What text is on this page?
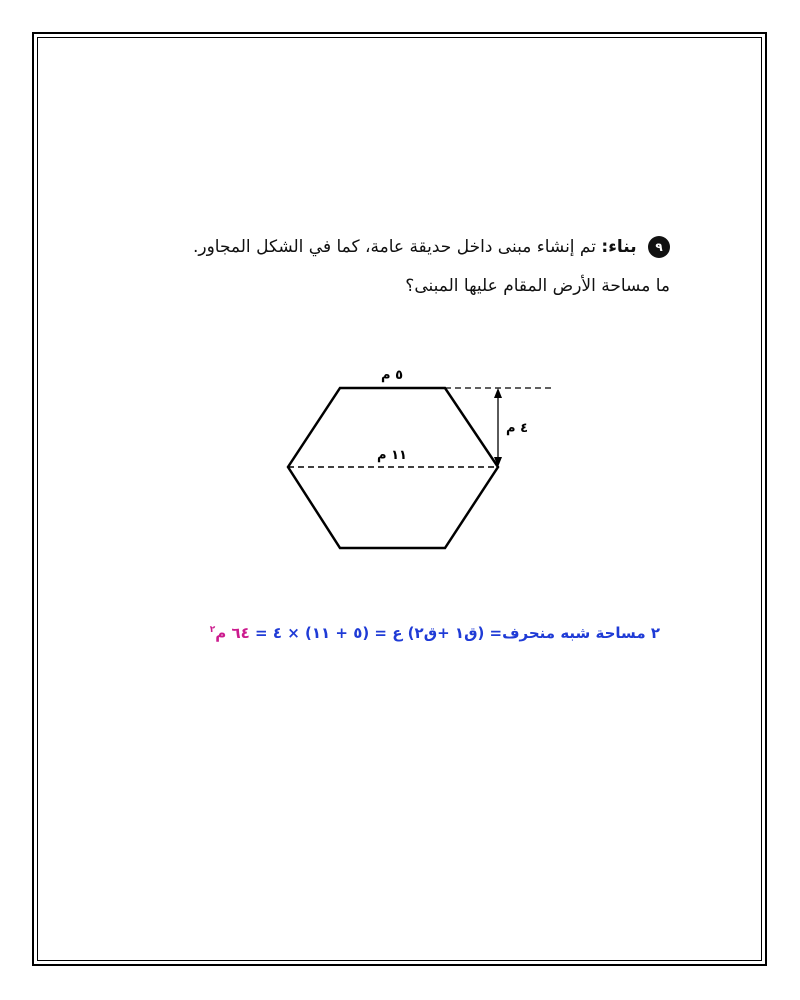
٩ بناء: تم إنشاء مبنى داخل حديقة عامة، كما في الشكل المجاور.
ما مساحة الأرض المقام عليها المبنى؟
٥ م
٤ م
١١ م
٢ مساحة شبه منحرف= (ق١ +ق٢) ع = (٥ + ١١) × ٤ = ٦٤ م$^٢$
